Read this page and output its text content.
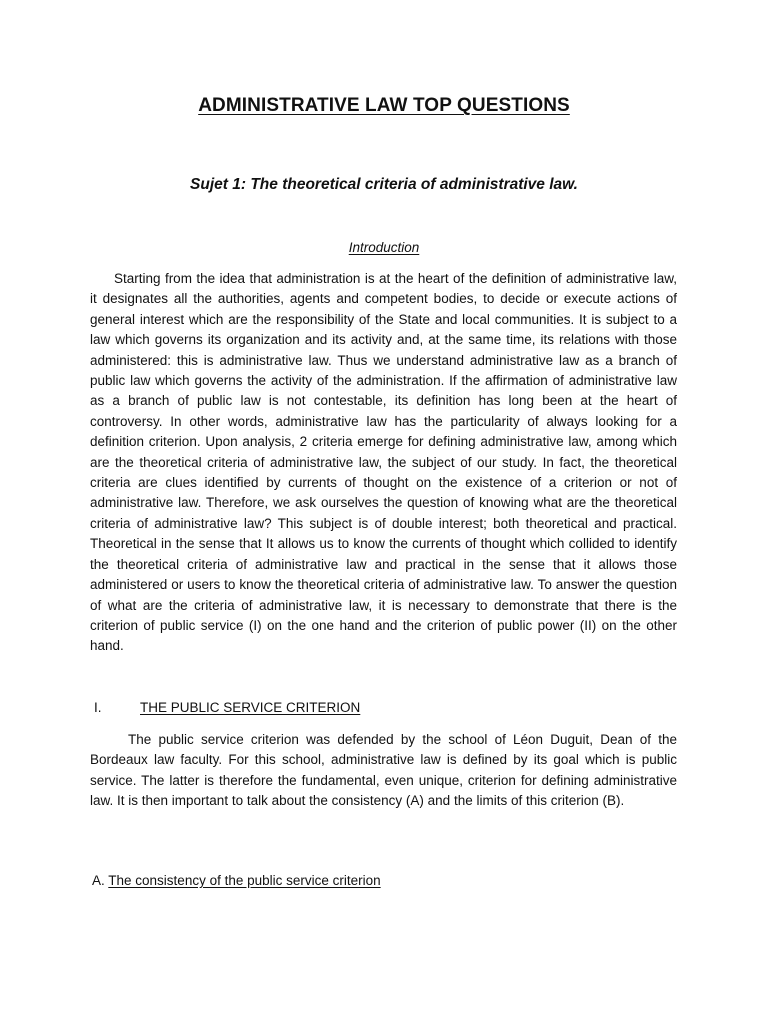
ADMINISTRATIVE LAW TOP QUESTIONS
Sujet 1: The theoretical criteria of administrative law.
Introduction

Starting from the idea that administration is at the heart of the definition of administrative law, it designates all the authorities, agents and competent bodies, to decide or execute actions of general interest which are the responsibility of the State and local communities. It is subject to a law which governs its organization and its activity and, at the same time, its relations with those administered: this is administrative law. Thus we understand administrative law as a branch of public law which governs the activity of the administration. If the affirmation of administrative law as a branch of public law is not contestable, its definition has long been at the heart of controversy. In other words, administrative law has the particularity of always looking for a definition criterion. Upon analysis, 2 criteria emerge for defining administrative law, among which are the theoretical criteria of administrative law, the subject of our study. In fact, the theoretical criteria are clues identified by currents of thought on the existence of a criterion or not of administrative law. Therefore, we ask ourselves the question of knowing what are the theoretical criteria of administrative law? This subject is of double interest; both theoretical and practical. Theoretical in the sense that It allows us to know the currents of thought which collided to identify the theoretical criteria of administrative law and practical in the sense that it allows those administered or users to know the theoretical criteria of administrative law. To answer the question of what are the criteria of administrative law, it is necessary to demonstrate that there is the criterion of public service (I) on the one hand and the criterion of public power (II) on the other hand.

I.	THE PUBLIC SERVICE CRITERION

The public service criterion was defended by the school of Léon Duguit, Dean of the Bordeaux law faculty. For this school, administrative law is defined by its goal which is public service. The latter is therefore the fundamental, even unique, criterion for defining administrative law. It is then important to talk about the consistency (A) and the limits of this criterion (B).

A. The consistency of the public service criterion
